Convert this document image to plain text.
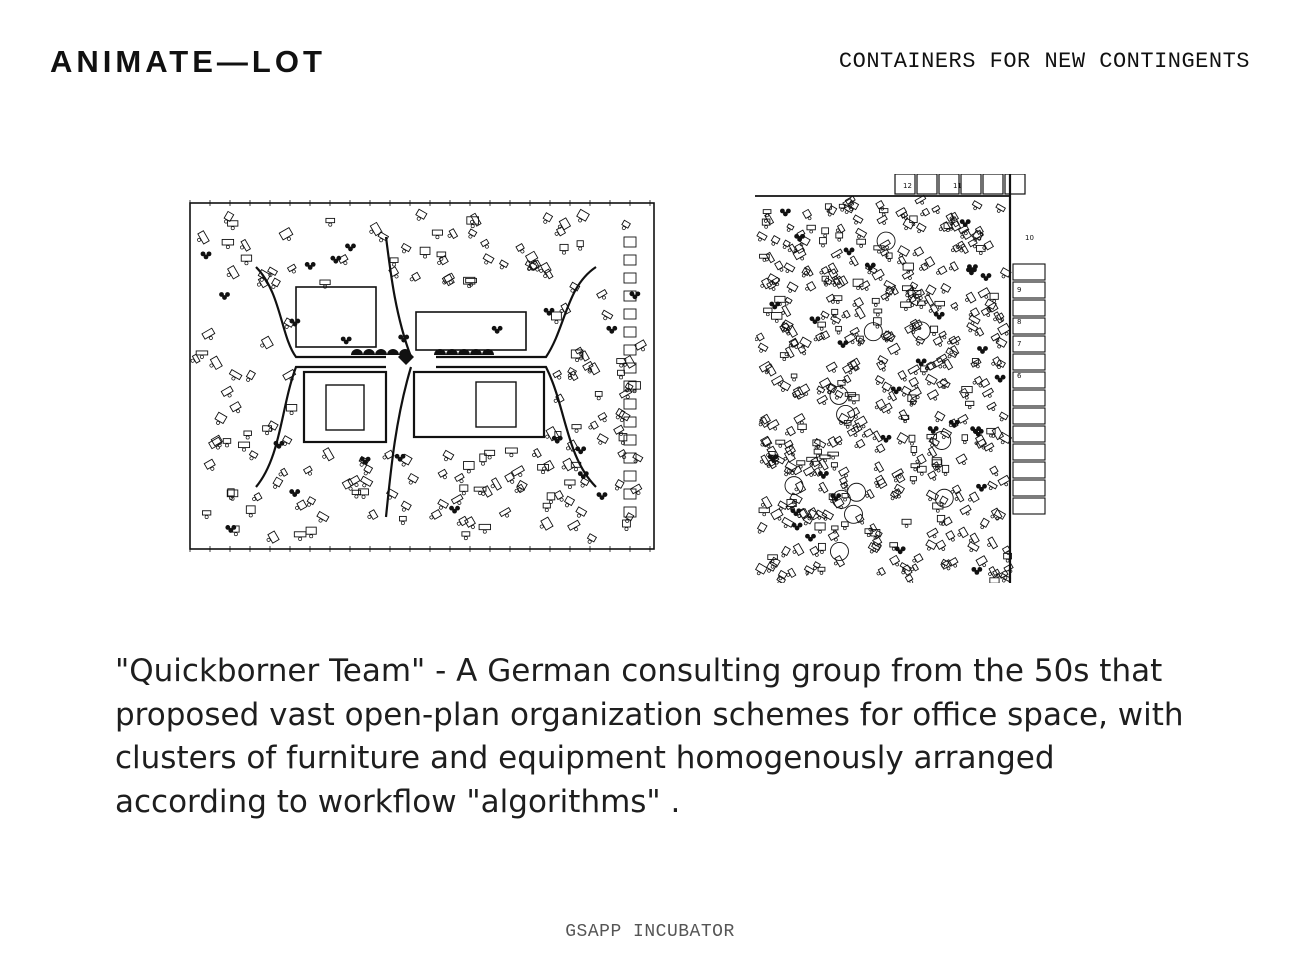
ANIMATE—LOT	CONTAINERS FOR NEW CONTINGENTS
12	11
10
9
8
7
6
7

"Quickborner Team" - A German consulting group from the 50s that proposed vast open-plan organization schemes for office space, with clusters of furniture and equipment homogenously arranged according to workflow "algorithms" .

GSAPP INCUBATOR
